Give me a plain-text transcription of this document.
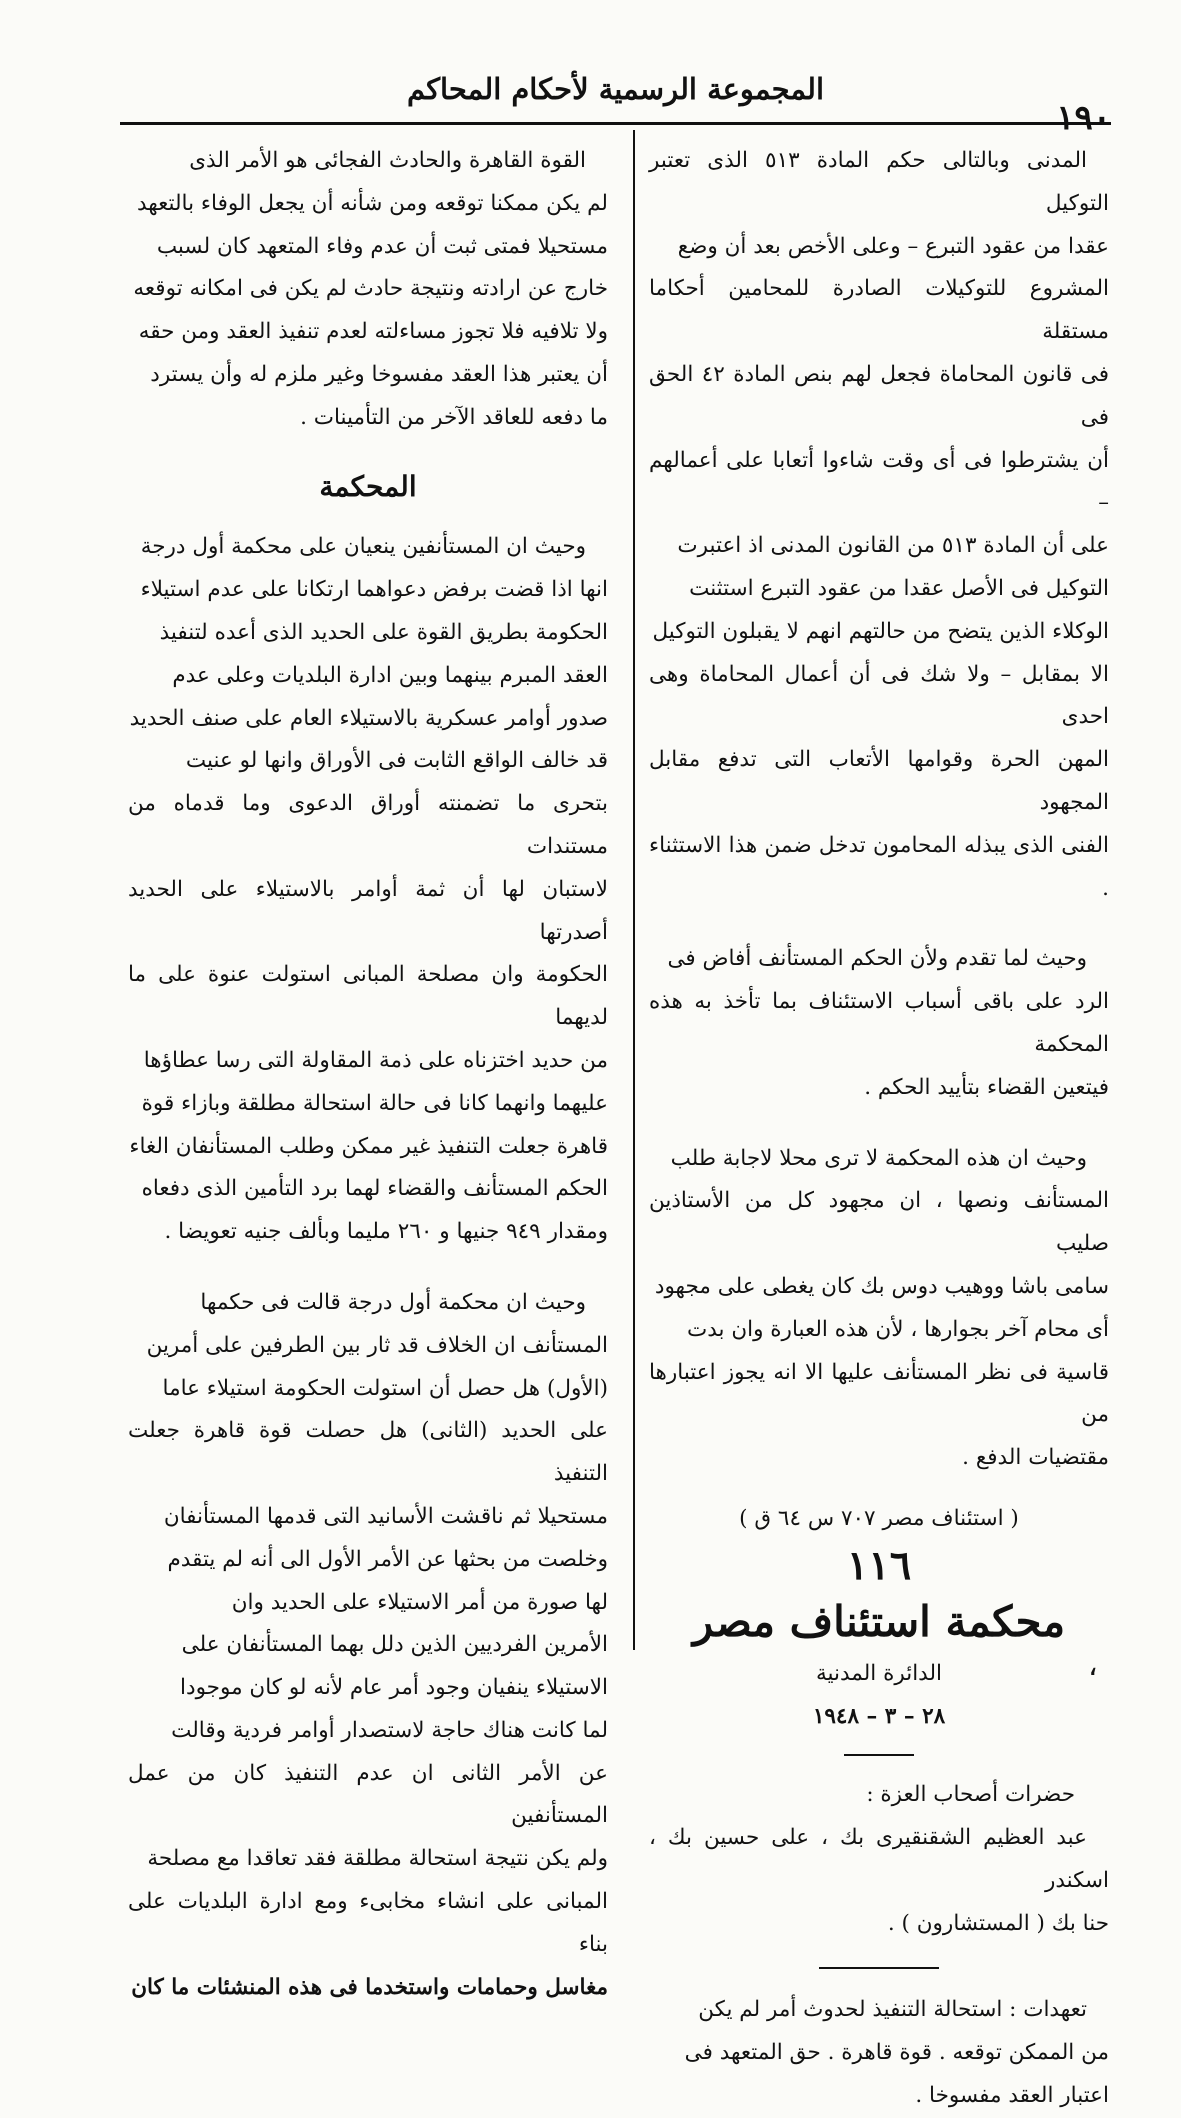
١٩٠
المجموعة الرسمية لأحكام المحاكم

المدنى وبالتالى حكم المادة ٥١٣ الذى تعتبر التوكيل
عقدا من عقود التبرع – وعلى الأخص بعد أن وضع
المشروع للتوكيلات الصادرة للمحامين أحكاما مستقلة
فى قانون المحاماة فجعل لهم بنص المادة ٤٢ الحق فى
أن يشترطوا فى أى وقت شاءوا أتعابا على أعمالهم –
على أن المادة ٥١٣ من القانون المدنى اذ اعتبرت
التوكيل فى الأصل عقدا من عقود التبرع استثنت
الوكلاء الذين يتضح من حالتهم انهم لا يقبلون التوكيل
الا بمقابل – ولا شك فى أن أعمال المحاماة وهى احدى
المهن الحرة وقوامها الأتعاب التى تدفع مقابل المجهود
الفنى الذى يبذله المحامون تدخل ضمن هذا الاستثناء .

وحيث لما تقدم ولأن الحكم المستأنف أفاض فى
الرد على باقى أسباب الاستئناف بما تأخذ به هذه المحكمة
فيتعين القضاء بتأييد الحكم .

وحيث ان هذه المحكمة لا ترى محلا لاجابة طلب
المستأنف ونصها ، ان مجهود كل من الأستاذين صليب
سامى باشا ووهيب دوس بك كان يغطى على مجهود
أى محام آخر بجوارها ، لأن هذه العبارة وان بدت
قاسية فى نظر المستأنف عليها الا انه يجوز اعتبارها من
مقتضيات الدفع .

( استئناف مصر ٧٠٧ س ٦٤ ق )

١١٦

محكمة استئناف مصر

الدائرة المدنية

٢٨ – ٣ – ١٩٤٨

حضرات أصحاب العزة :

عبد العظيم الشقنقيرى بك ، على حسين بك ، اسكندر
حنا بك ( المستشارون ) .

تعهدات : استحالة التنفيذ لحدوث أمر لم يكن
من الممكن توقعه . قوة قاهرة . حق المتعهد فى
اعتبار العقد مفسوخا .

القوة القاهرة والحادث الفجائى هو الأمر الذى
لم يكن ممكنا توقعه ومن شأنه أن يجعل الوفاء بالتعهد
مستحيلا فمتى ثبت أن عدم وفاء المتعهد كان لسبب
خارج عن ارادته ونتيجة حادث لم يكن فى امكانه توقعه
ولا تلافيه فلا تجوز مساءلته لعدم تنفيذ العقد ومن حقه
أن يعتبر هذا العقد مفسوخا وغير ملزم له وأن يسترد
ما دفعه للعاقد الآخر من التأمينات .

المحكمة

وحيث ان المستأنفين ينعيان على محكمة أول درجة
انها اذا قضت برفض دعواهما ارتكانا على عدم استيلاء
الحكومة بطريق القوة على الحديد الذى أعده لتنفيذ
العقد المبرم بينهما وبين ادارة البلديات وعلى عدم
صدور أوامر عسكرية بالاستيلاء العام على صنف الحديد
قد خالف الواقع الثابت فى الأوراق وانها لو عنيت
بتحرى ما تضمنته أوراق الدعوى وما قدماه من مستندات
لاستبان لها أن ثمة أوامر بالاستيلاء على الحديد أصدرتها
الحكومة وان مصلحة المبانى استولت عنوة على ما لديهما
من حديد اختزناه على ذمة المقاولة التى رسا عطاؤها
عليهما وانهما كانا فى حالة استحالة مطلقة وبازاء قوة
قاهرة جعلت التنفيذ غير ممكن وطلب المستأنفان الغاء
الحكم المستأنف والقضاء لهما برد التأمين الذى دفعاه
ومقدار ٩٤٩ جنيها و ٢٦٠ مليما وبألف جنيه تعويضا .

وحيث ان محكمة أول درجة قالت فى حكمها
المستأنف ان الخلاف قد ثار بين الطرفين على أمرين
(الأول) هل حصل أن استولت الحكومة استيلاء عاما
على الحديد (الثانى) هل حصلت قوة قاهرة جعلت التنفيذ
مستحيلا ثم ناقشت الأسانيد التى قدمها المستأنفان
وخلصت من بحثها عن الأمر الأول الى أنه لم يتقدم
لها صورة من أمر الاستيلاء على الحديد وان
الأمرين الفرديين الذين دلل بهما المستأنفان على
الاستيلاء ينفيان وجود أمر عام لأنه لو كان موجودا
لما كانت هناك حاجة لاستصدار أوامر فردية وقالت
عن الأمر الثانى ان عدم التنفيذ كان من عمل المستأنفين
ولم يكن نتيجة استحالة مطلقة فقد تعاقدا مع مصلحة
المبانى على انشاء مخابىء ومع ادارة البلديات على بناء
مغاسل وحمامات واستخدما فى هذه المنشئات ما كان

،
